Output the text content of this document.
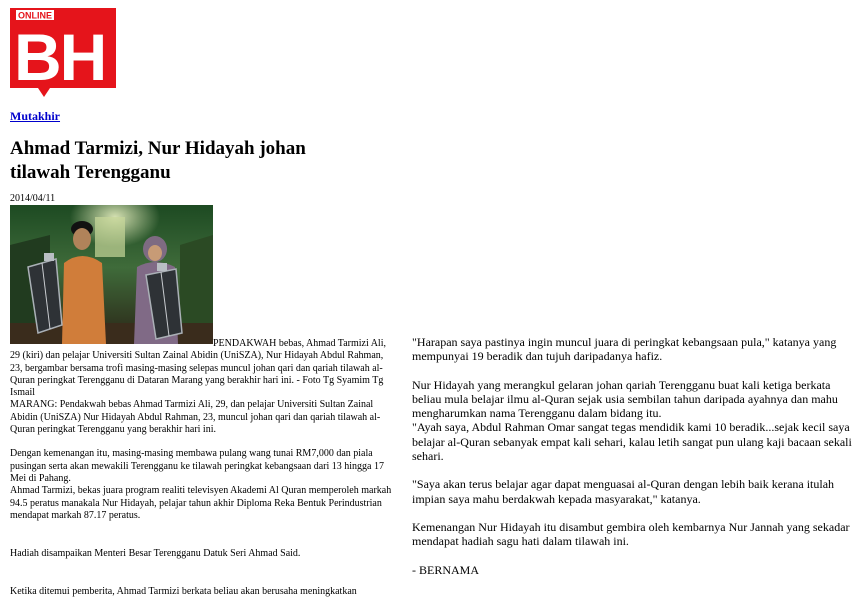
ONLINE
BH
Mutakhir
Ahmad Tarmizi, Nur Hidayah johan tilawah Terengganu
2014/04/11

PENDAKWAH bebas, Ahmad Tarmizi Ali, 29 (kiri) dan pelajar Universiti Sultan Zainal Abidin (UniSZA), Nur Hidayah Abdul Rahman, 23, bergambar bersama trofi masing-masing selepas muncul johan qari dan qariah tilawah al-Quran peringkat Terengganu di Dataran Marang yang berakhir hari ini. - Foto Tg Syamim Tg Ismail

MARANG: Pendakwah bebas Ahmad Tarmizi Ali, 29, dan pelajar Universiti Sultan Zainal Abidin (UniSZA) Nur Hidayah Abdul Rahman, 23, muncul johan qari dan qariah tilawah al-Quran peringkat Terengganu yang berakhir hari ini.

Dengan kemenangan itu, masing-masing membawa pulang wang tunai RM7,000 dan piala pusingan serta akan mewakili Terengganu ke tilawah peringkat kebangsaan dari 13 hingga 17 Mei di Pahang.

Ahmad Tarmizi, bekas juara program realiti televisyen Akademi Al Quran memperoleh markah 94.5 peratus manakala Nur Hidayah, pelajar tahun akhir Diploma Reka Bentuk Perindustrian mendapat markah 87.17 peratus.

Hadiah disampaikan Menteri Besar Terengganu Datuk Seri Ahmad Said.

Ketika ditemui pemberita, Ahmad Tarmizi berkata beliau akan berusaha meningkatkan

"Harapan saya pastinya ingin muncul juara di peringkat kebangsaan pula," katanya yang mempunyai 19 beradik dan tujuh daripadanya hafiz.

Nur Hidayah yang merangkul gelaran johan qariah Terengganu buat kali ketiga berkata beliau mula belajar ilmu al-Quran sejak usia sembilan tahun daripada ayahnya dan mahu mengharumkan nama Terengganu dalam bidang itu.

"Ayah saya, Abdul Rahman Omar sangat tegas mendidik kami 10 beradik...sejak kecil saya belajar al-Quran sebanyak empat kali sehari, kalau letih sangat pun ulang kaji bacaan sekali sehari.

"Saya akan terus belajar agar dapat menguasai al-Quran dengan lebih baik kerana itulah impian saya mahu berdakwah kepada masyarakat," katanya.

Kemenangan Nur Hidayah itu disambut gembira oleh kembarnya Nur Jannah yang sekadar mendapat hadiah sagu hati dalam tilawah ini.

- BERNAMA
